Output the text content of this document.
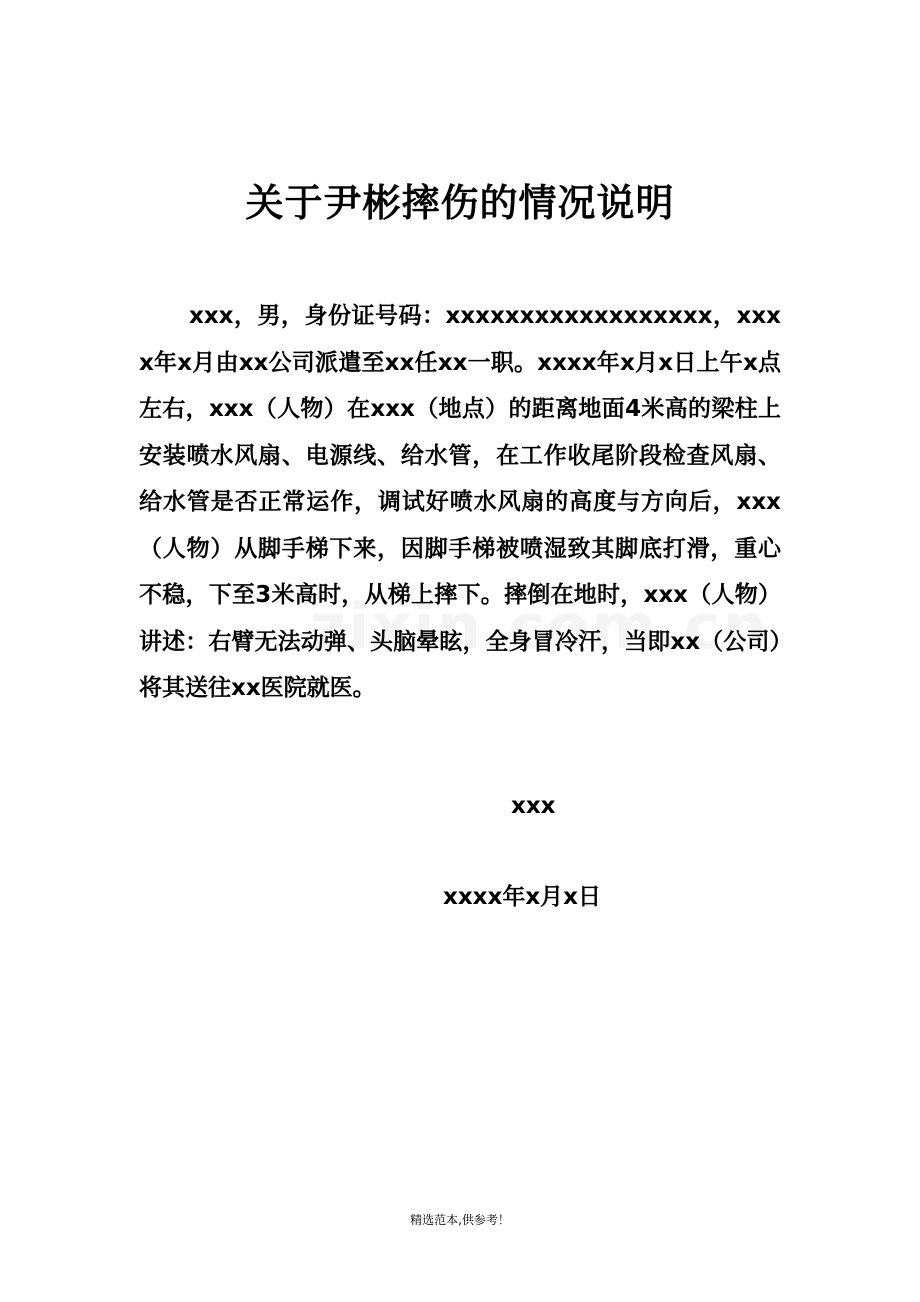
关于尹彬摔伤的情况说明

xxx，男，身份证号码：xxxxxxxxxxxxxxxxxx，xxxx年x月由xx公司派遣至xx任xx一职。xxxx年x月x日上午x点左右，xxx（人物）在xxx（地点）的距离地面4米高的梁柱上安装喷水风扇、电源线、给水管，在工作收尾阶段检查风扇、给水管是否正常运作，调试好喷水风扇的高度与方向后，xxx（人物）从脚手梯下来，因脚手梯被喷湿致其脚底打滑，重心不稳，下至3米高时，从梯上摔下。摔倒在地时，xxx（人物）讲述：右臂无法动弹、头脑晕眩，全身冒冷汗，当即xx（公司）将其送往xx医院就医。

xxx
xxxx年x月x日
精选范本,供参考！
